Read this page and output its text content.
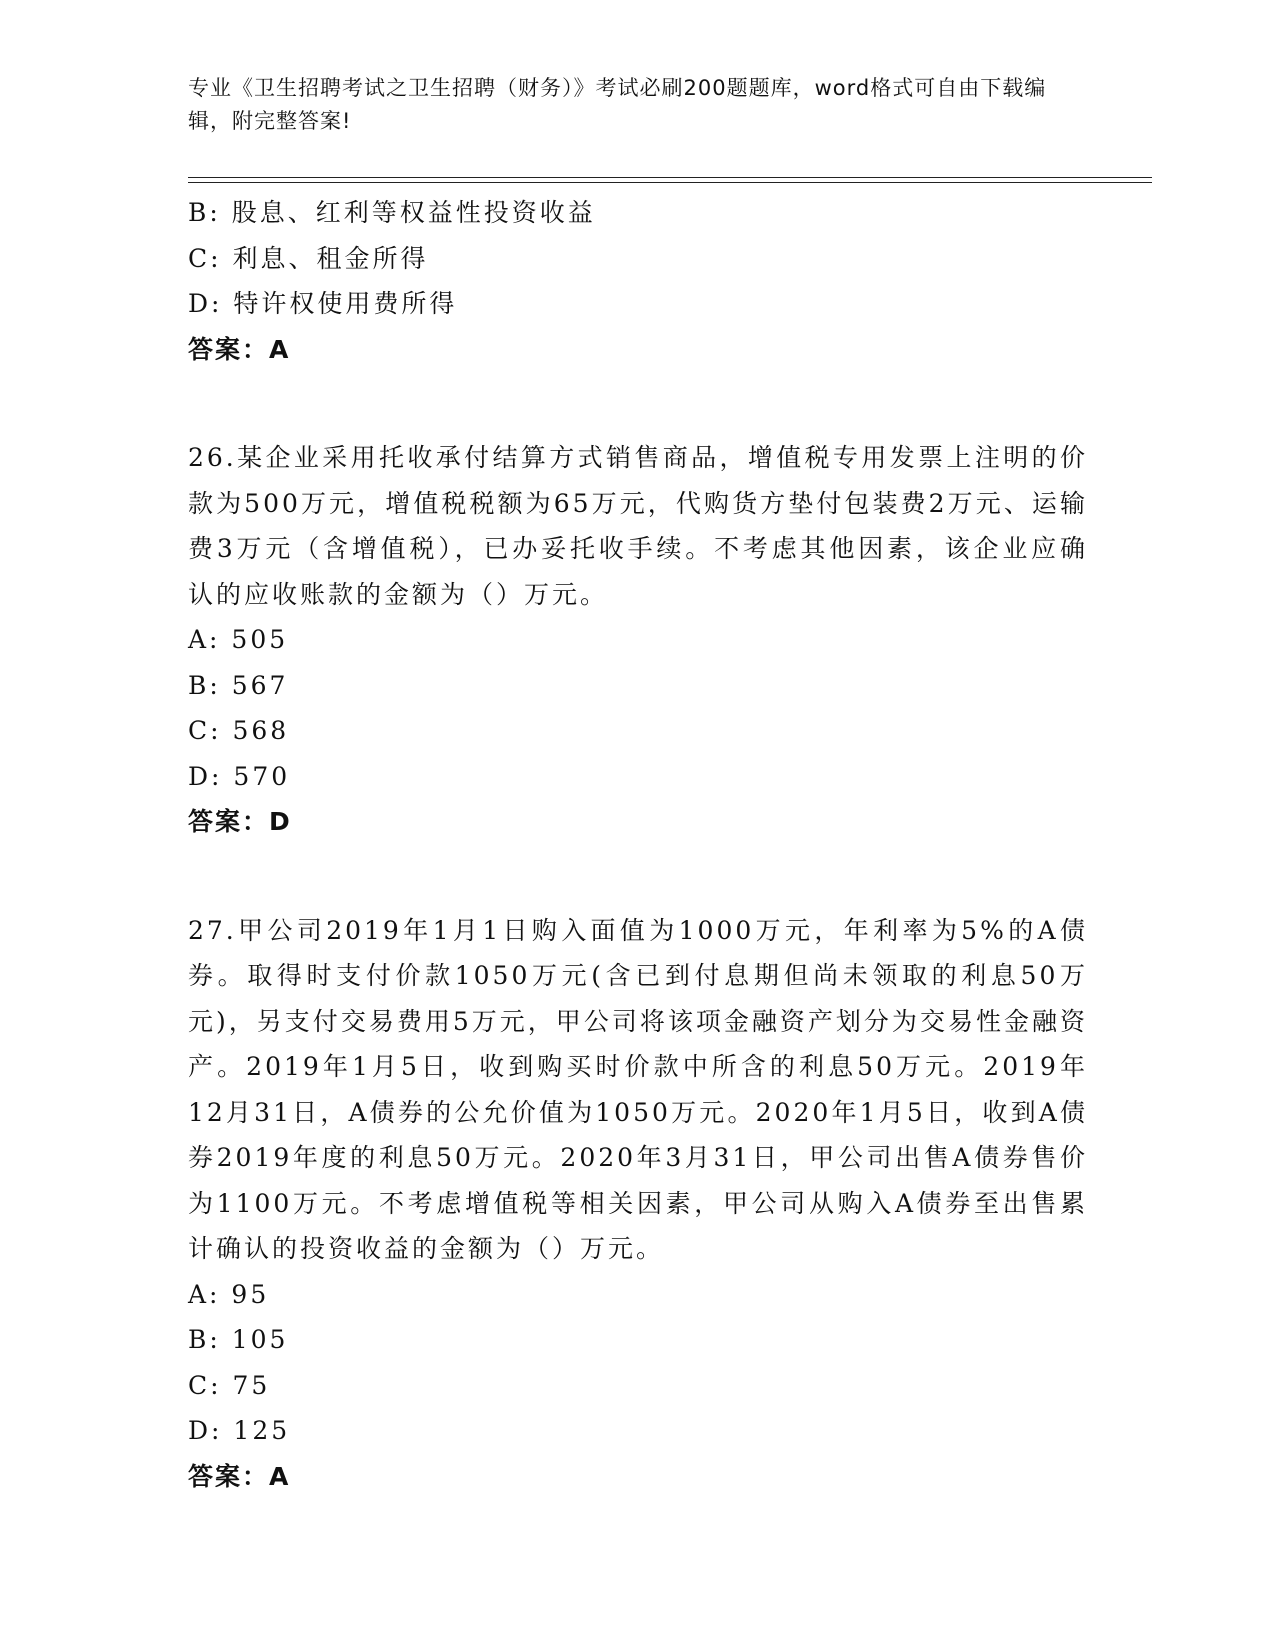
专业《卫生招聘考试之卫生招聘（财务）》考试必刷200题题库，word格式可自由下载编辑，附完整答案!

B: 股息、红利等权益性投资收益

C: 利息、租金所得

D: 特许权使用费所得

答案：A

26.某企业采用托收承付结算方式销售商品，增值税专用发票上注明的价款为500万元，增值税税额为65万元，代购货方垫付包装费2万元、运输费3万元（含增值税），已办妥托收手续。不考虑其他因素，该企业应确认的应收账款的金额为（）万元。

A: 505

B: 567

C: 568

D: 570

答案：D

27.甲公司2019年1月1日购入面值为1000万元，年利率为5%的A债券。取得时支付价款1050万元(含已到付息期但尚未领取的利息50万元)，另支付交易费用5万元，甲公司将该项金融资产划分为交易性金融资产。2019年1月5日，收到购买时价款中所含的利息50万元。2019年12月31日，A债券的公允价值为1050万元。2020年1月5日，收到A债券2019年度的利息50万元。2020年3月31日，甲公司出售A债券售价为1100万元。不考虑增值税等相关因素，甲公司从购入A债券至出售累计确认的投资收益的金额为（）万元。

A: 95

B: 105

C: 75

D: 125

答案：A
